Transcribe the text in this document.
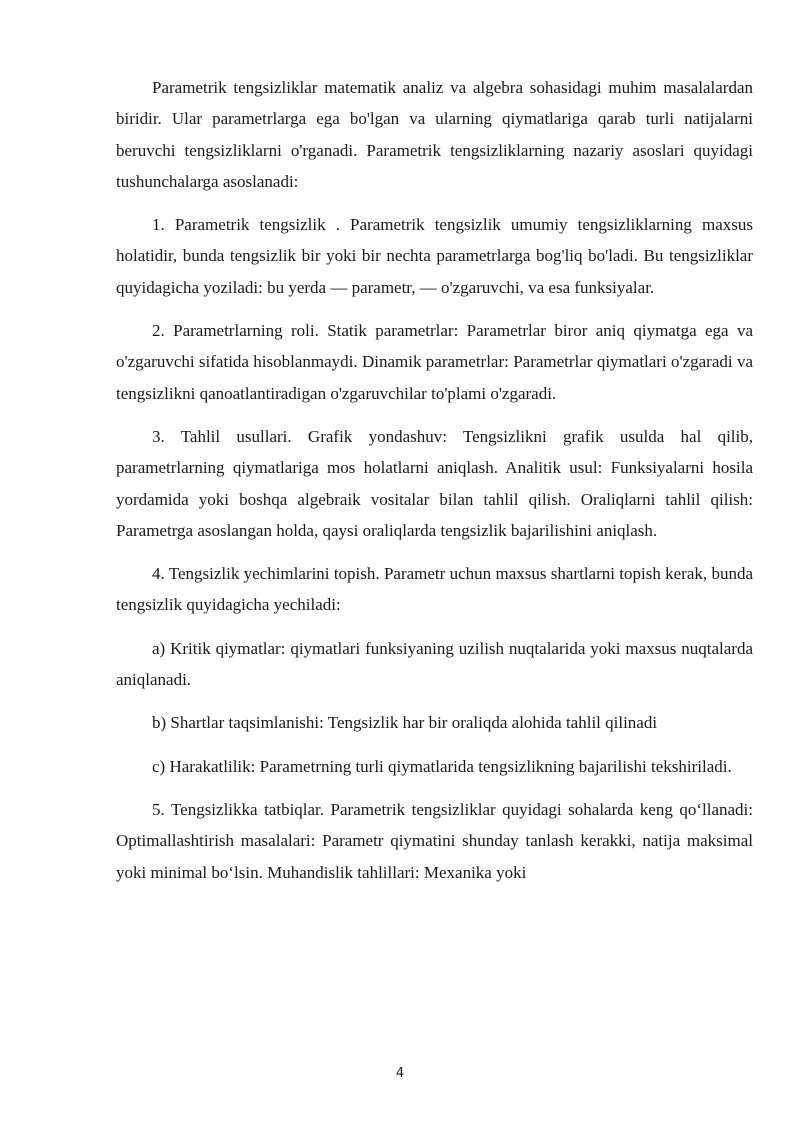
Parametrik tengsizliklar matematik analiz va algebra sohasidagi muhim masalalardan biridir. Ular parametrlarga ega bo'lgan va ularning qiymatlariga qarab turli natijalarni beruvchi tengsizliklarni o'rganadi. Parametrik tengsizliklarning nazariy asoslari quyidagi tushunchalarga asoslanadi:

1. Parametrik tengsizlik . Parametrik tengsizlik umumiy tengsizliklarning maxsus holatidir, bunda tengsizlik bir yoki bir nechta parametrlarga bog'liq bo'ladi. Bu tengsizliklar quyidagicha yoziladi: bu yerda — parametr, — o'zgaruvchi, va esa funksiyalar.

2. Parametrlarning roli. Statik parametrlar: Parametrlar biror aniq qiymatga ega va o'zgaruvchi sifatida hisoblanmaydi. Dinamik parametrlar: Parametrlar qiymatlari o'zgaradi va tengsizlikni qanoatlantiradigan o'zgaruvchilar to'plami o'zgaradi.

3. Tahlil usullari. Grafik yondashuv: Tengsizlikni grafik usulda hal qilib, parametrlarning qiymatlariga mos holatlarni aniqlash. Analitik usul: Funksiyalarni hosila yordamida yoki boshqa algebraik vositalar bilan tahlil qilish. Oraliqlarni tahlil qilish: Parametrga asoslangan holda, qaysi oraliqlarda tengsizlik bajarilishini aniqlash.

4. Tengsizlik yechimlarini topish. Parametr uchun maxsus shartlarni topish kerak, bunda tengsizlik quyidagicha yechiladi:

a) Kritik qiymatlar: qiymatlari funksiyaning uzilish nuqtalarida yoki maxsus nuqtalarda aniqlanadi.

b) Shartlar taqsimlanishi: Tengsizlik har bir oraliqda alohida tahlil qilinadi

c) Harakatlilik: Parametrning turli qiymatlarida tengsizlikning bajarilishi tekshiriladi.

5. Tengsizlikka tatbiqlar. Parametrik tengsizliklar quyidagi sohalarda keng qoʻllanadi: Optimallashtirish masalalari: Parametr qiymatini shunday tanlash kerakki, natija maksimal yoki minimal boʻlsin. Muhandislik tahlillari: Mexanika yoki

4
